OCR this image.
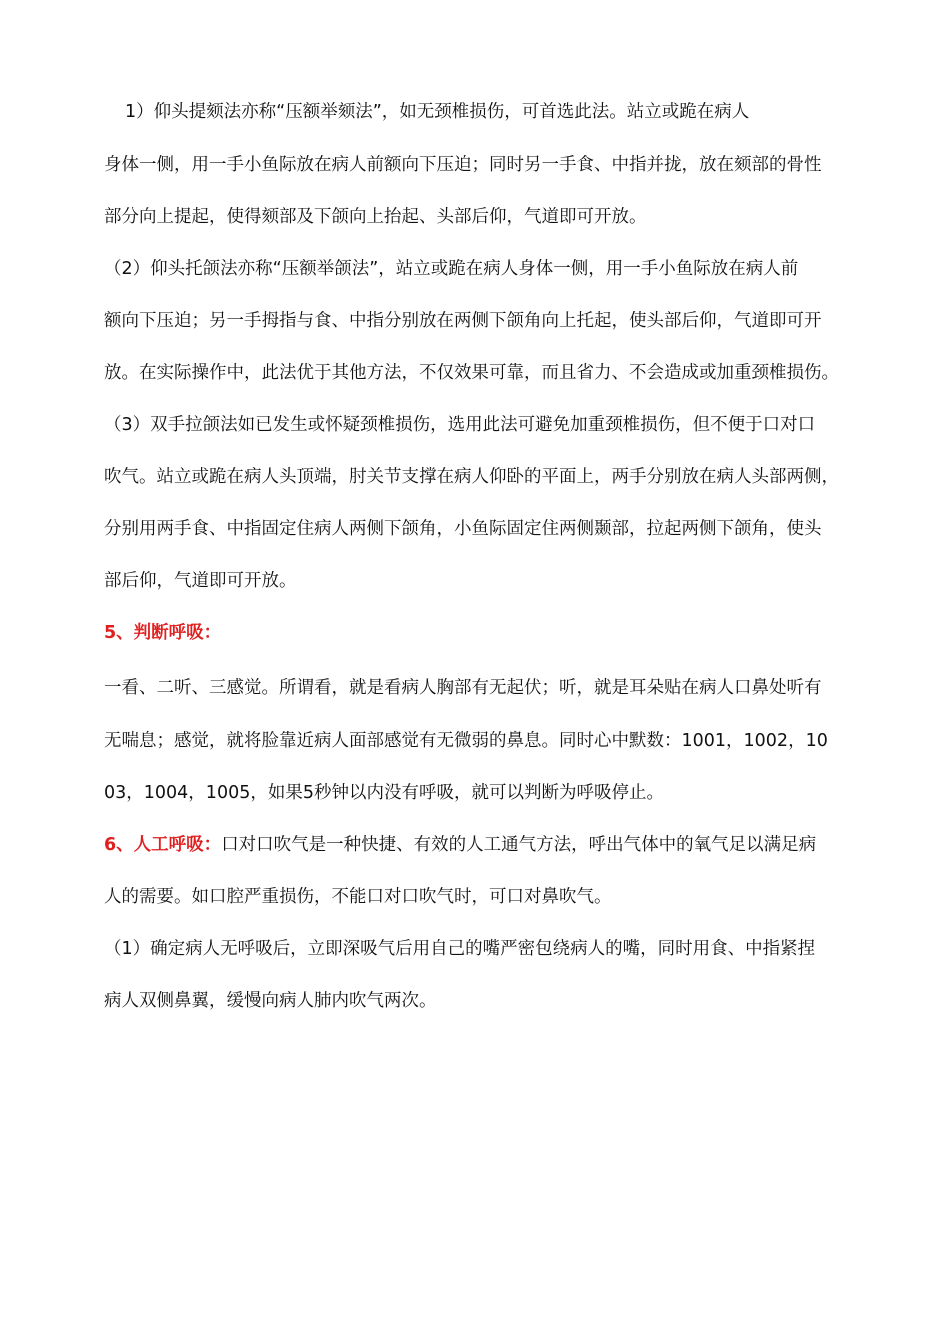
1）仰头提颏法亦称“压额举颏法”，如无颈椎损伤，可首选此法。站立或跪在病人
身体一侧，用一手小鱼际放在病人前额向下压迫；同时另一手食、中指并拢，放在颏部的骨性
部分向上提起，使得颏部及下颌向上抬起、头部后仰，气道即可开放。
（2）仰头托颌法亦称“压额举颌法”，站立或跪在病人身体一侧，用一手小鱼际放在病人前
额向下压迫；另一手拇指与食、中指分别放在两侧下颌角向上托起，使头部后仰，气道即可开
放。在实际操作中，此法优于其他方法，不仅效果可靠，而且省力、不会造成或加重颈椎损伤。
（3）双手拉颌法如已发生或怀疑颈椎损伤，选用此法可避免加重颈椎损伤，但不便于口对口
吹气。站立或跪在病人头顶端，肘关节支撑在病人仰卧的平面上，两手分别放在病人头部两侧，
分别用两手食、中指固定住病人两侧下颌角，小鱼际固定住两侧颞部，拉起两侧下颌角，使头
部后仰，气道即可开放。
5、判断呼吸：
一看、二听、三感觉。所谓看，就是看病人胸部有无起伏；听，就是耳朵贴在病人口鼻处听有
无喘息；感觉，就将脸靠近病人面部感觉有无微弱的鼻息。同时心中默数：1001，1002，10
03，1004，1005，如果5秒钟以内没有呼吸，就可以判断为呼吸停止。
6、人工呼吸：口对口吹气是一种快捷、有效的人工通气方法，呼出气体中的氧气足以满足病
人的需要。如口腔严重损伤，不能口对口吹气时，可口对鼻吹气。
（1）确定病人无呼吸后，立即深吸气后用自己的嘴严密包绕病人的嘴，同时用食、中指紧捏
病人双侧鼻翼，缓慢向病人肺内吹气两次。
